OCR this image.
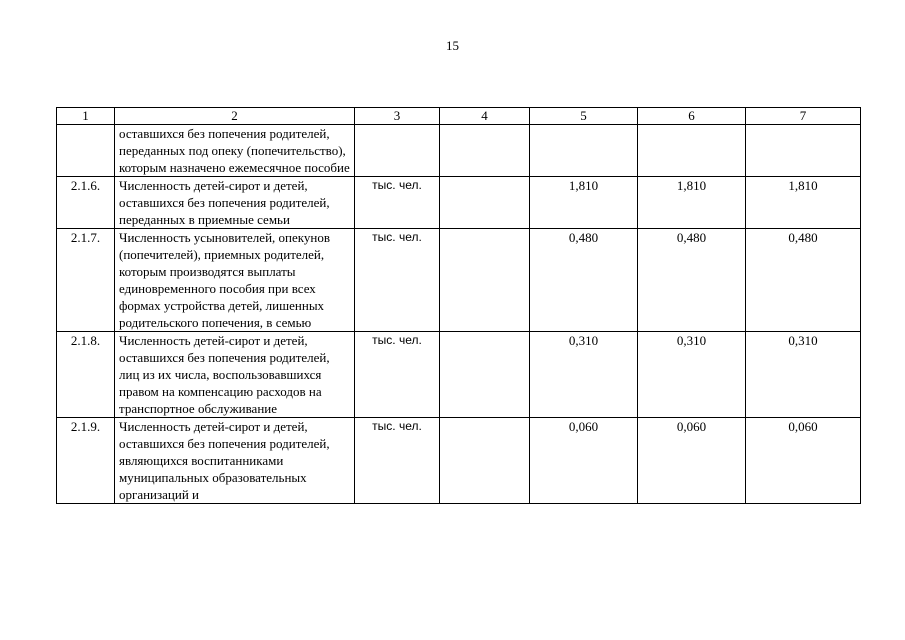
15
1	2	3	4	5	6	7
	оставшихся без попечения родителей, переданных под опеку (попечительство), которым назначено ежемесячное пособие					
2.1.6.	Численность детей-сирот и детей, оставшихся без попечения родителей, переданных в приемные семьи	тыс. чел.		1,810	1,810	1,810
2.1.7.	Численность усыновителей, опекунов (попечителей), приемных родителей, которым производятся выплаты единовременного пособия при всех формах устройства детей, лишенных родительского попечения, в семью	тыс. чел.		0,480	0,480	0,480
2.1.8.	Численность детей-сирот и детей, оставшихся без попечения родителей, лиц из их числа, воспользовавшихся правом на компенсацию расходов на транспортное обслуживание	тыс. чел.		0,310	0,310	0,310
2.1.9.	Численность детей-сирот и детей, оставшихся без попечения родителей, являющихся воспитанниками муниципальных образовательных организаций и	тыс. чел.		0,060	0,060	0,060
